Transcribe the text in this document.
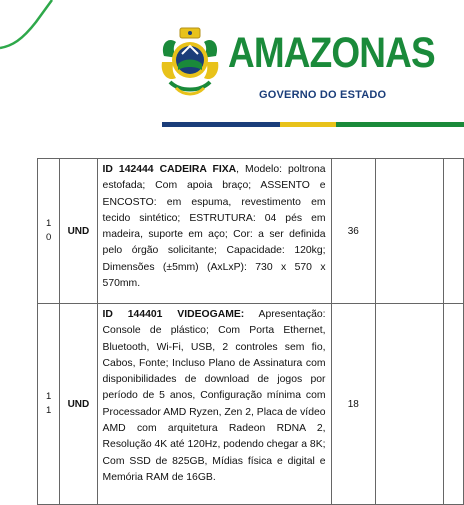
AMAZONAS
GOVERNO DO ESTADO
1
0	UND	ID 142444 CADEIRA FIXA, Modelo: poltrona estofada; Com apoia braço; ASSENTO e ENCOSTO: em espuma, revestimento em tecido sintético; ESTRUTURA: 04 pés em madeira, suporte em aço; Cor: a ser definida pelo órgão solicitante; Capacidade: 120kg; Dimensões (±5mm) (AxLxP): 730 x 570 x 570mm.	36		

1
1	UND	ID 144401 VIDEOGAME: Apresentação: Console de plástico; Com Porta Ethernet, Bluetooth, Wi-Fi, USB, 2 controles sem fio, Cabos, Fonte; Incluso Plano de Assinatura com disponibilidades de download de jogos por período de 5 anos, Configuração mínima com Processador AMD Ryzen, Zen 2, Placa de vídeo AMD com arquitetura Radeon RDNA 2, Resolução 4K até 120Hz, podendo chegar a 8K; Com SSD de 825GB, Mídias física e digital e Memória RAM de 16GB.	18		
